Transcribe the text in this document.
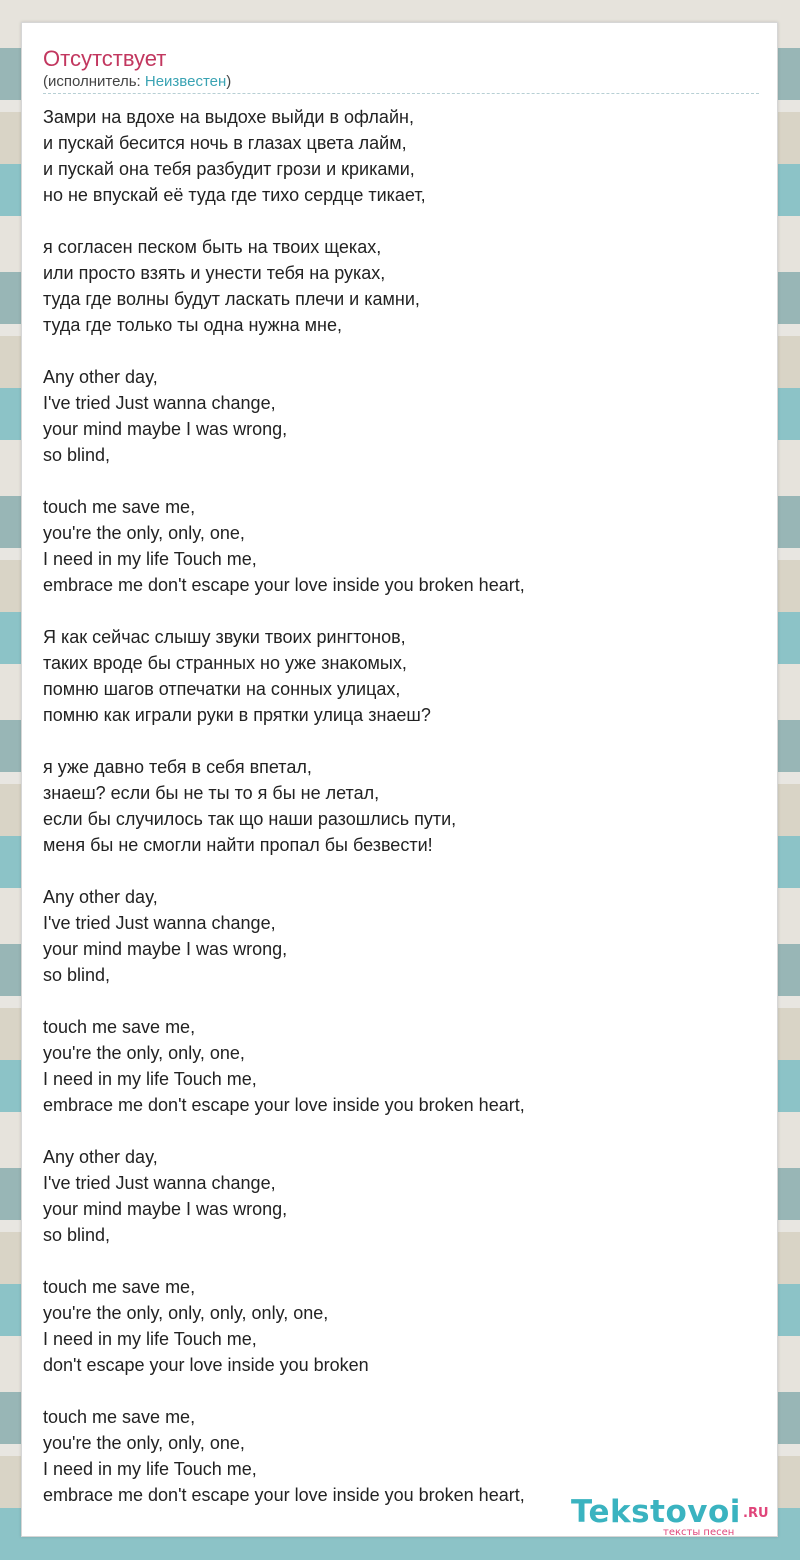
Отсутствует
(исполнитель: Неизвестен)
Замри на вдохе на выдохе выйди в офлайн,
и пускай бесится ночь в глазах цвета лайм,
и пускай она тебя разбудит грози и криками,
но не впускай её туда где тихо сердце тикает,
я согласен песком быть на твоих щеках,
или просто взять и унести тебя на руках,
туда где волны будут ласкать плечи и камни,
туда где только ты одна нужна мне,
Any other day,
I've tried Just wanna change,
your mind maybe I was wrong,
so blind,
touch me save me,
you're the only, only, one,
I need in my life Touch me,
embrace me don't escape your love inside you broken heart,
Я как сейчас слышу звуки твоих рингтонов,
таких вроде бы странных но уже знакомых,
помню шагов отпечатки на сонных улицах,
помню как играли руки в прятки улица знаеш?
я уже давно тебя в себя впетал,
знаеш? если бы не ты то я бы не летал,
если бы случилось так що наши разошлись пути,
меня бы не смогли найти пропал бы безвести!
Any other day,
I've tried Just wanna change,
your mind maybe I was wrong,
so blind,
touch me save me,
you're the only, only, one,
I need in my life Touch me,
embrace me don't escape your love inside you broken heart,
Any other day,
I've tried Just wanna change,
your mind maybe I was wrong,
so blind,
touch me save me,
you're the only, only, only, only, one,
I need in my life Touch me,
don't escape your love inside you broken
touch me save me,
you're the only, only, one,
I need in my life Touch me,
embrace me don't escape your love inside you broken heart,	Tekstovoi .RU
тексты песен
